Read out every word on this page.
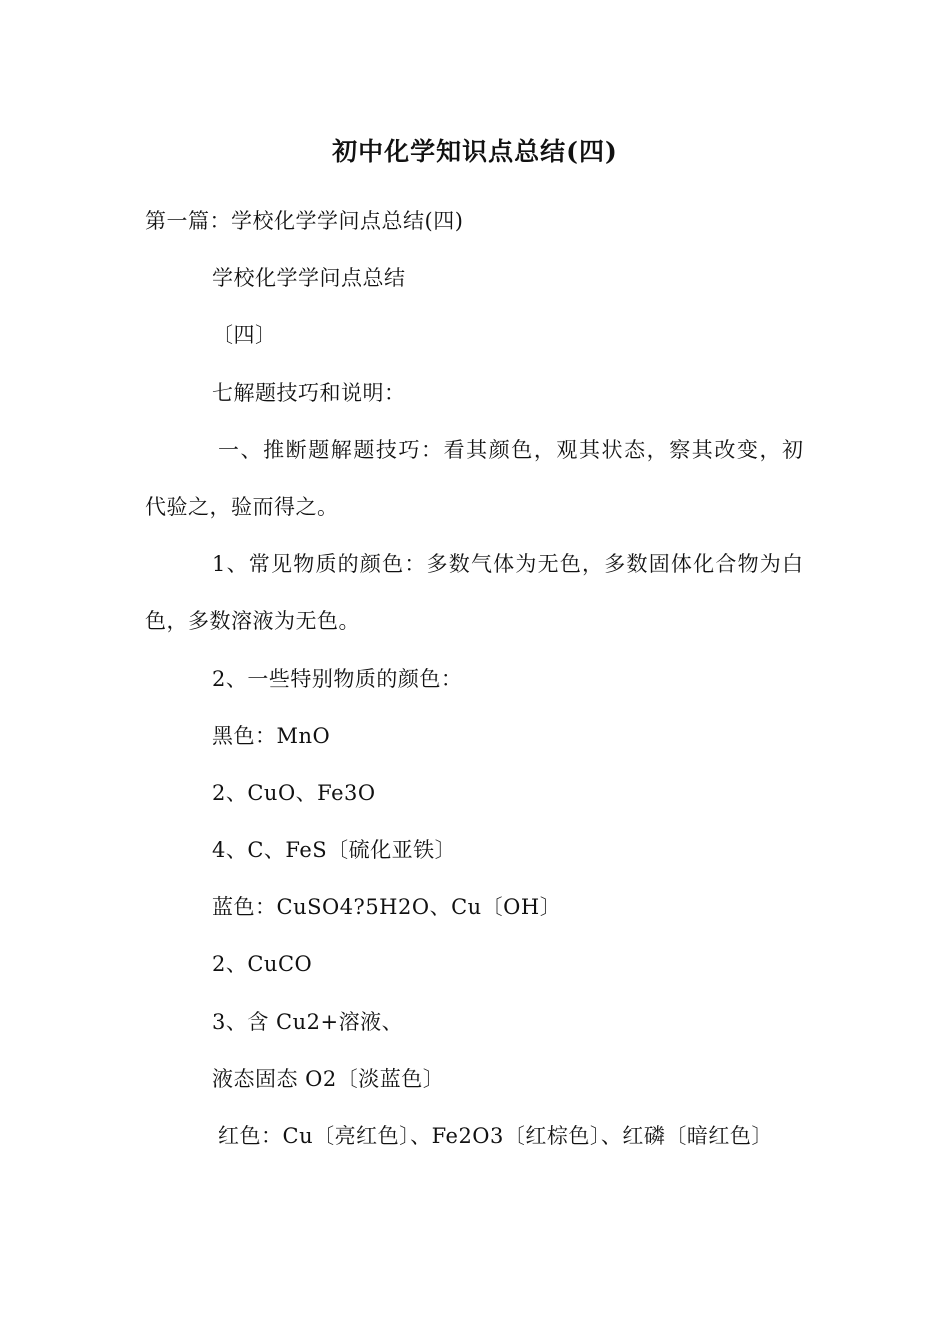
初中化学知识点总结(四)
第一篇：学校化学学问点总结(四)
学校化学学问点总结
〔四〕
七解题技巧和说明：
一、推断题解题技巧：看其颜色，观其状态，察其改变，初
代验之，验而得之。
1、常见物质的颜色：多数气体为无色，多数固体化合物为白
色，多数溶液为无色。
2、一些特别物质的颜色：
黑色：MnO
2、CuO、Fe3O
4、C、FeS〔硫化亚铁〕
蓝色：CuSO4?5H2O、Cu〔OH〕
2、CuCO
3、含 Cu2+溶液、
液态固态 O2〔淡蓝色〕
红色：Cu〔亮红色〕、Fe2O3〔红棕色〕、红磷〔暗红色〕
